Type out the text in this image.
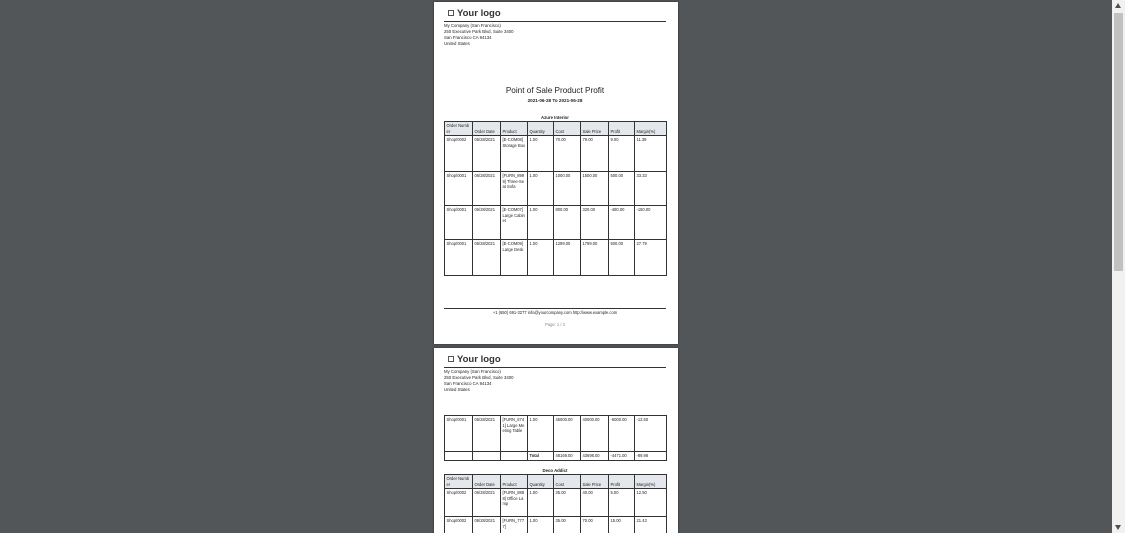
Your logo
My Company (San Francisco)
250 Executive Park Blvd, Suite 3400
San Francisco CA 94134
United States
Point of Sale Product Profit
2021-06-28 To 2021-06-28
Azure Interior
Order Number	Order Date	Product	Quantity	Cost	Sale Price	Profit	Margin(%)
Shop/0002	06/28/2021	[E-COM08] Storage Box	1.00	70.00	79.00	9.00	11.39
Shop/0001	06/28/2021	[FURN_8999] Three-Seat Sofa	1.00	1000.00	1500.00	500.00	33.33
Shop/0001	06/28/2021	[E-COM07] Large Cabinet	1.00	800.00	320.00	-480.00	-150.00
Shop/0001	06/28/2021	[E-COM09] Large Desk	1.00	1299.00	1799.00	500.00	27.79
+1 (650) 691-3277 info@yourcompany.com http://www.example.com
Page: 1 / 3
Your logo
My Company (San Francisco)
250 Executive Park Blvd, Suite 3400
San Francisco CA 94134
United States
Shop/0001	06/28/2021	[FURN_6741] Large Meeting Table	1.00	45000.00	40000.00	-5000.00	-12.50
			Total	48169.00	43698.00	-4471.00	-89.98
Deco Addict
Order Number	Order Date	Product	Quantity	Cost	Sale Price	Profit	Margin(%)
Shop/0002	06/28/2021	[FURN_8888] Office Lamp	1.00	35.00	40.00	5.00	12.50
Shop/0002	06/28/2021	[FURN_7777]	1.00	35.00	70.00	15.00	21.43
